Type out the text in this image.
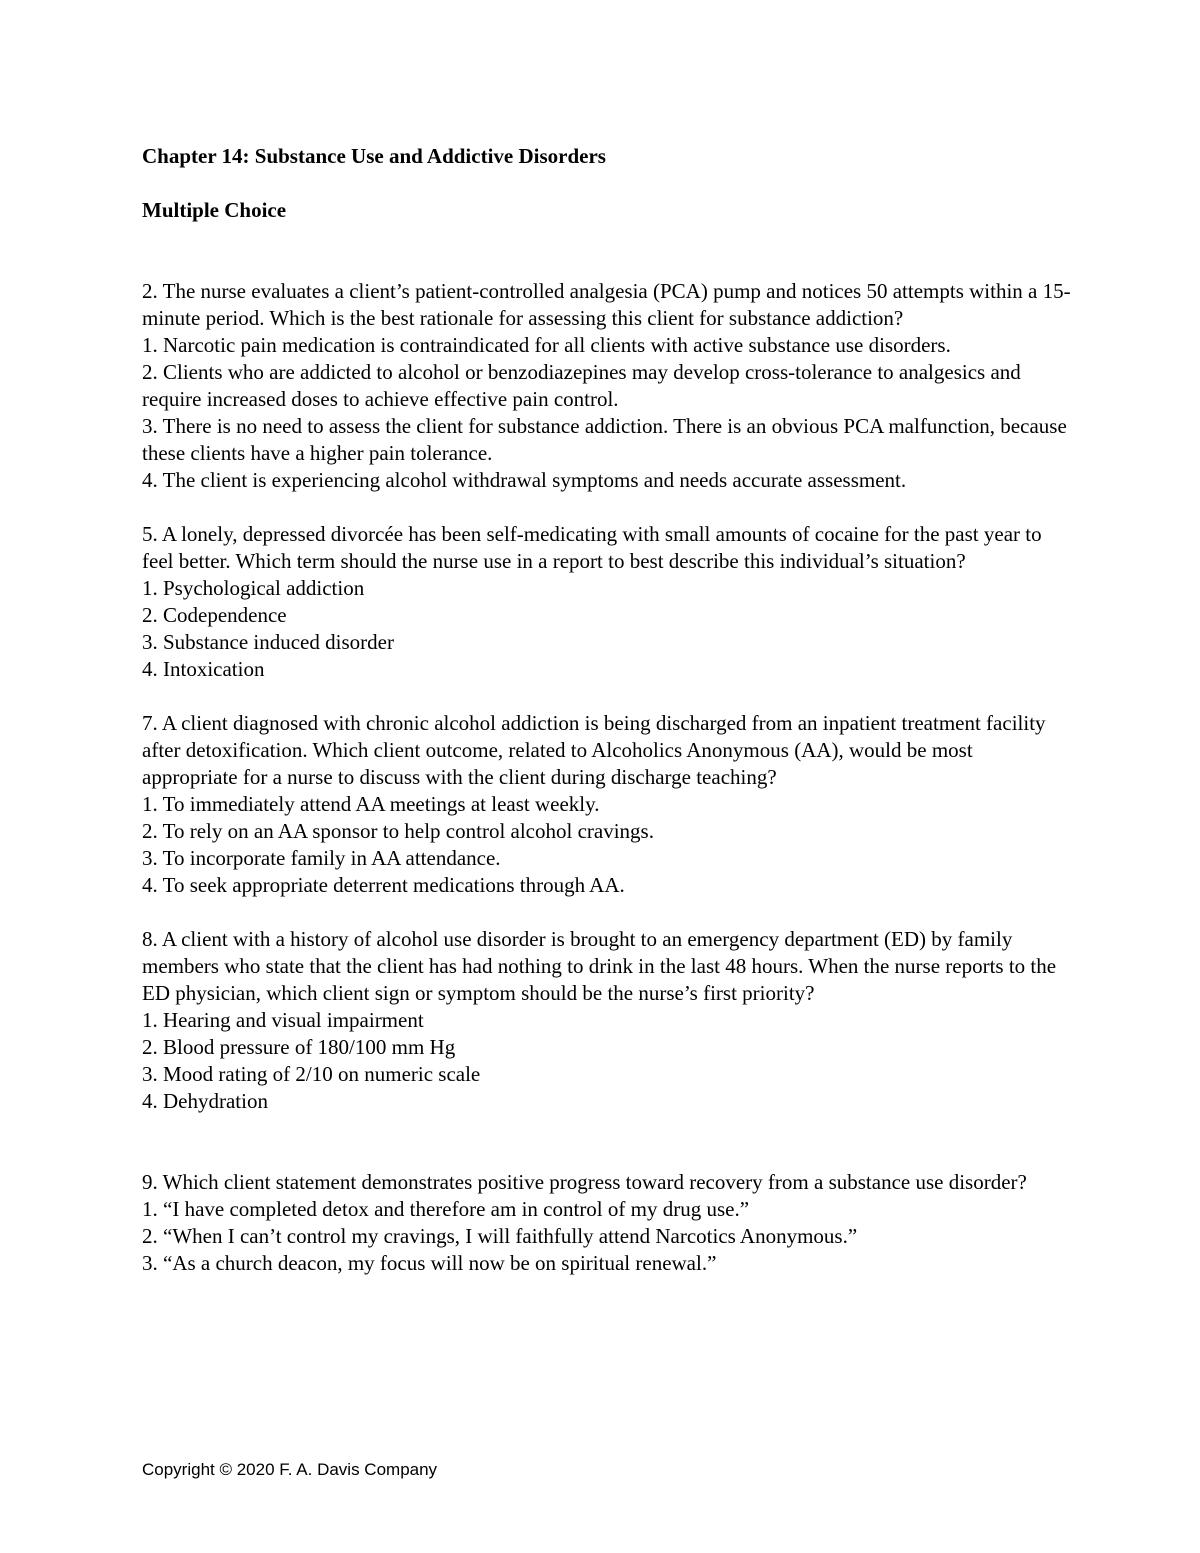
Chapter 14: Substance Use and Addictive Disorders

Multiple Choice

2. The nurse evaluates a client’s patient-controlled analgesia (PCA) pump and notices 50 attempts within a 15-minute period. Which is the best rationale for assessing this client for substance addiction?

1. Narcotic pain medication is contraindicated for all clients with active substance use disorders.

2. Clients who are addicted to alcohol or benzodiazepines may develop cross-tolerance to analgesics and require increased doses to achieve effective pain control.

3. There is no need to assess the client for substance addiction. There is an obvious PCA malfunction, because these clients have a higher pain tolerance.

4. The client is experiencing alcohol withdrawal symptoms and needs accurate assessment.

5. A lonely, depressed divorcée has been self-medicating with small amounts of cocaine for the past year to feel better. Which term should the nurse use in a report to best describe this individual’s situation?

1. Psychological addiction

2. Codependence

3. Substance induced disorder

4. Intoxication

7. A client diagnosed with chronic alcohol addiction is being discharged from an inpatient treatment facility after detoxification. Which client outcome, related to Alcoholics Anonymous (AA), would be most appropriate for a nurse to discuss with the client during discharge teaching?

1. To immediately attend AA meetings at least weekly.

2. To rely on an AA sponsor to help control alcohol cravings.

3. To incorporate family in AA attendance.

4. To seek appropriate deterrent medications through AA.

8. A client with a history of alcohol use disorder is brought to an emergency department (ED) by family members who state that the client has had nothing to drink in the last 48 hours. When the nurse reports to the ED physician, which client sign or symptom should be the nurse’s first priority?

1. Hearing and visual impairment

2. Blood pressure of 180/100 mm Hg

3. Mood rating of 2/10 on numeric scale

4. Dehydration

9. Which client statement demonstrates positive progress toward recovery from a substance use disorder?

1. “I have completed detox and therefore am in control of my drug use.”

2. “When I can’t control my cravings, I will faithfully attend Narcotics Anonymous.”

3. “As a church deacon, my focus will now be on spiritual renewal.”

Copyright © 2020 F. A. Davis Company
